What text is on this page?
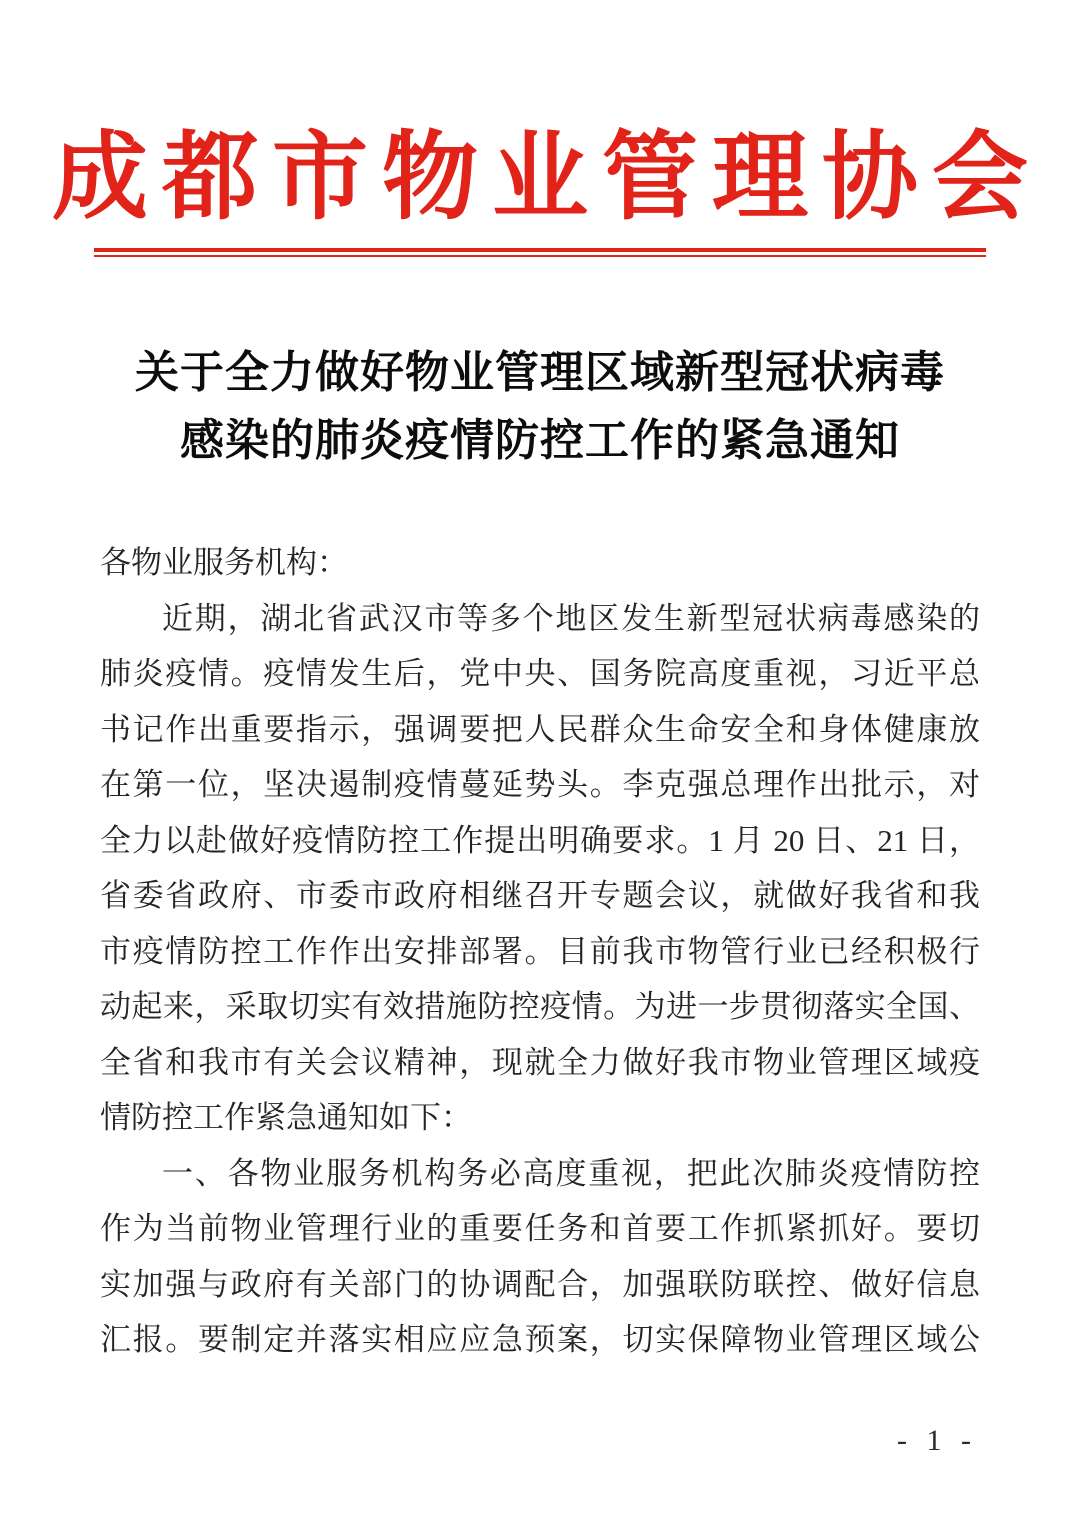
成都市物业管理协会
关于全力做好物业管理区域新型冠状病毒
感染的肺炎疫情防控工作的紧急通知
各物业服务机构：
近期，湖北省武汉市等多个地区发生新型冠状病毒感染的
肺炎疫情。疫情发生后，党中央、国务院高度重视，习近平总
书记作出重要指示，强调要把人民群众生命安全和身体健康放
在第一位，坚决遏制疫情蔓延势头。李克强总理作出批示，对
全力以赴做好疫情防控工作提出明确要求。1 月 20 日、21 日，
省委省政府、市委市政府相继召开专题会议，就做好我省和我
市疫情防控工作作出安排部署。目前我市物管行业已经积极行
动起来，采取切实有效措施防控疫情。为进一步贯彻落实全国、
全省和我市有关会议精神，现就全力做好我市物业管理区域疫
情防控工作紧急通知如下：
一、各物业服务机构务必高度重视，把此次肺炎疫情防控
作为当前物业管理行业的重要任务和首要工作抓紧抓好。要切
实加强与政府有关部门的协调配合，加强联防联控、做好信息
汇报。要制定并落实相应应急预案，切实保障物业管理区域公
- 1 -
